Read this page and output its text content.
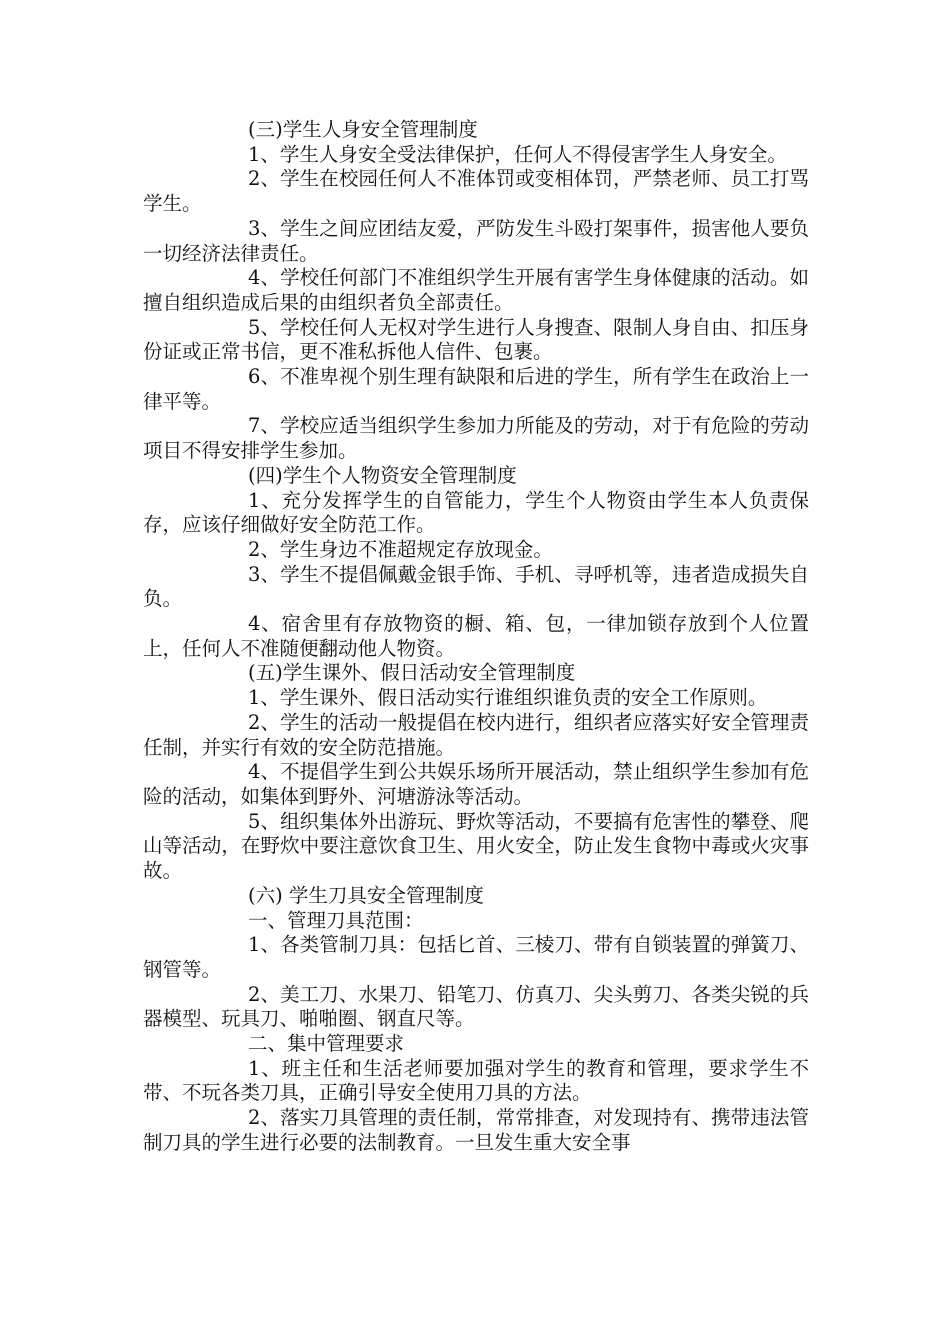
(三)学生人身安全管理制度

1、学生人身安全受法律保护，任何人不得侵害学生人身安全。

2、学生在校园任何人不准体罚或变相体罚，严禁老师、员工打骂学生。

3、学生之间应团结友爱，严防发生斗殴打架事件，损害他人要负一切经济法律责任。

4、学校任何部门不准组织学生开展有害学生身体健康的活动。如擅自组织造成后果的由组织者负全部责任。

5、学校任何人无权对学生进行人身搜查、限制人身自由、扣压身份证或正常书信，更不准私拆他人信件、包裹。

6、不准卑视个别生理有缺限和后进的学生，所有学生在政治上一律平等。

7、学校应适当组织学生参加力所能及的劳动，对于有危险的劳动项目不得安排学生参加。

(四)学生个人物资安全管理制度

1、充分发挥学生的自管能力，学生个人物资由学生本人负责保存，应该仔细做好安全防范工作。

2、学生身边不准超规定存放现金。

3、学生不提倡佩戴金银手饰、手机、寻呼机等，违者造成损失自负。

4、宿舍里有存放物资的橱、箱、包，一律加锁存放到个人位置上，任何人不准随便翻动他人物资。

(五)学生课外、假日活动安全管理制度

1、学生课外、假日活动实行谁组织谁负责的安全工作原则。

2、学生的活动一般提倡在校内进行，组织者应落实好安全管理责任制，并实行有效的安全防范措施。

4、不提倡学生到公共娱乐场所开展活动，禁止组织学生参加有危险的活动，如集体到野外、河塘游泳等活动。

5、组织集体外出游玩、野炊等活动，不要搞有危害性的攀登、爬山等活动，在野炊中要注意饮食卫生、用火安全，防止发生食物中毒或火灾事故。

(六) 学生刀具安全管理制度

一、管理刀具范围：

1、各类管制刀具：包括匕首、三棱刀、带有自锁装置的弹簧刀、钢管等。

2、美工刀、水果刀、铅笔刀、仿真刀、尖头剪刀、各类尖锐的兵器模型、玩具刀、啪啪圈、钢直尺等。

二、集中管理要求

1、班主任和生活老师要加强对学生的教育和管理，要求学生不带、不玩各类刀具，正确引导安全使用刀具的方法。

2、落实刀具管理的责任制，常常排查，对发现持有、携带违法管制刀具的学生进行必要的法制教育。一旦发生重大安全事
